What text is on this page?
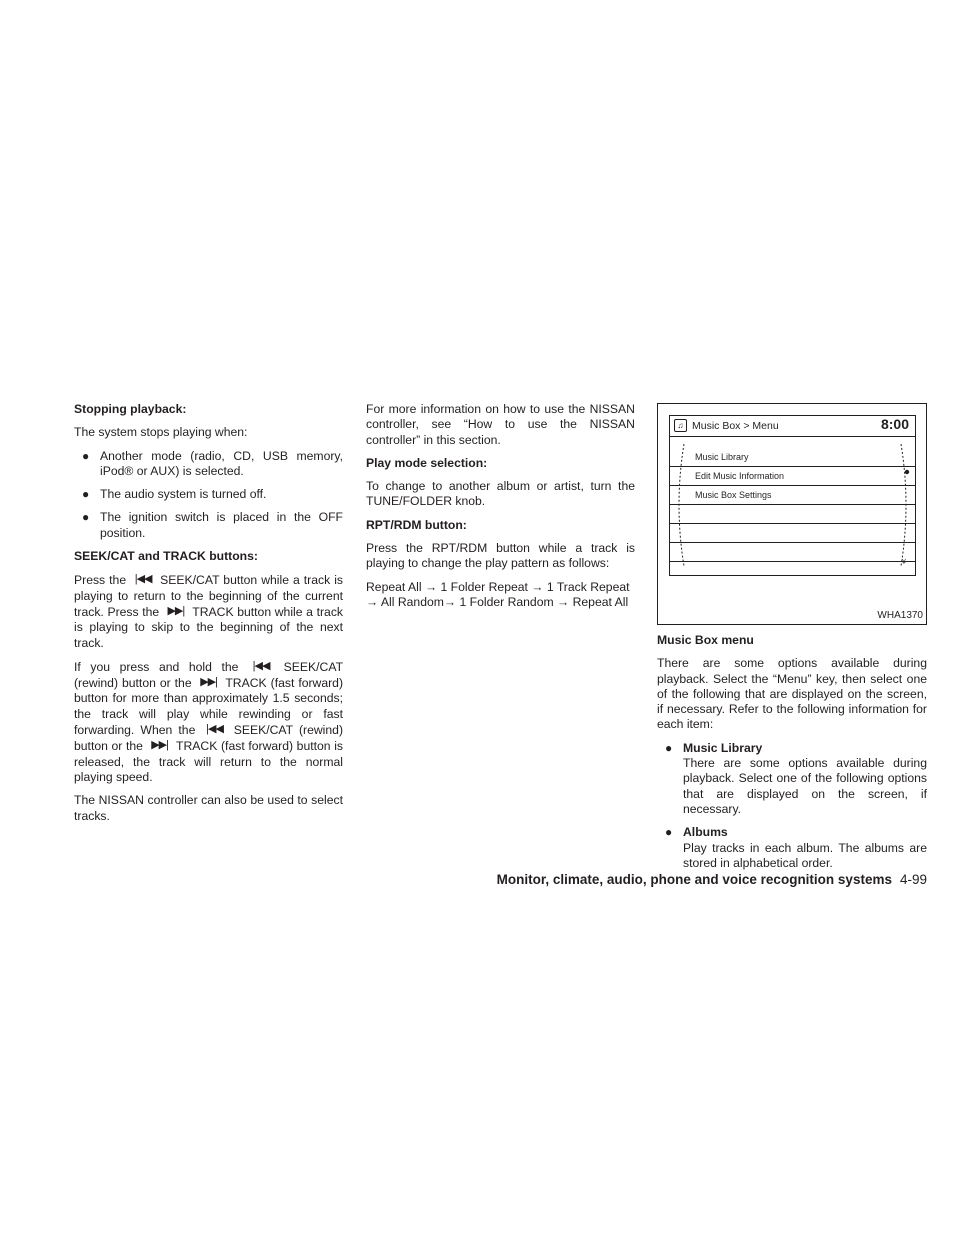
Stopping playback:
The system stops playing when:
● Another mode (radio, CD, USB memory, iPod® or AUX) is selected.
● The audio system is turned off.
● The ignition switch is placed in the OFF position.
SEEK/CAT and TRACK buttons:
Press the |◀◀ SEEK/CAT button while a track is playing to return to the beginning of the current track. Press the ▶▶| TRACK button while a track is playing to skip to the beginning of the next track.
If you press and hold the |◀◀ SEEK/CAT (rewind) button or the ▶▶| TRACK (fast forward) button for more than approximately 1.5 seconds; the track will play while rewinding or fast forwarding. When the |◀◀ SEEK/CAT (rewind) button or the ▶▶| TRACK (fast forward) button is released, the track will return to the normal playing speed.
The NISSAN controller can also be used to select tracks.
For more information on how to use the NISSAN controller, see “How to use the NISSAN controller” in this section.
Play mode selection:
To change to another album or artist, turn the TUNE/FOLDER knob.
RPT/RDM button:
Press the RPT/RDM button while a track is playing to change the play pattern as follows:
Repeat All → 1 Folder Repeat → 1 Track Repeat
→ All Random→ 1 Folder Random → Repeat All
♫ Music Box > Menu	8:00
Music Library
Edit Music Information
Music Box Settings
¥
WHA1370
Music Box menu
There are some options available during playback. Select the “Menu” key, then select one of the following that are displayed on the screen, if necessary. Refer to the following information for each item:
● Music Library
There are some options available during playback. Select one of the following options that are displayed on the screen, if necessary.
● Albums
Play tracks in each album. The albums are stored in alphabetical order.
Monitor, climate, audio, phone and voice recognition systems 4-99
